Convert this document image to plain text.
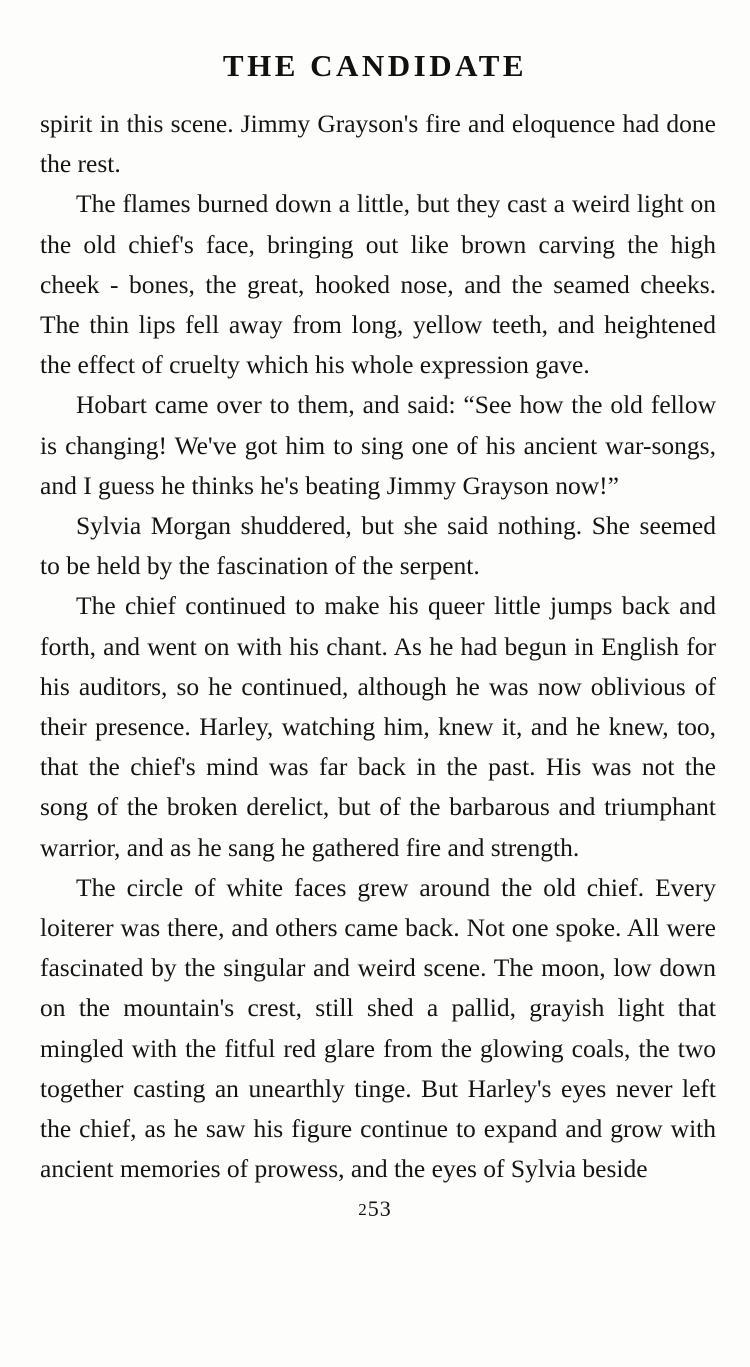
THE CANDIDATE

spirit in this scene. Jimmy Grayson's fire and eloquence had done the rest.

The flames burned down a little, but they cast a weird light on the old chief's face, bringing out like brown carving the high cheek - bones, the great, hooked nose, and the seamed cheeks. The thin lips fell away from long, yellow teeth, and heightened the effect of cruelty which his whole expression gave.

Hobart came over to them, and said: “See how the old fellow is changing! We've got him to sing one of his ancient war-songs, and I guess he thinks he's beating Jimmy Grayson now!”

Sylvia Morgan shuddered, but she said nothing. She seemed to be held by the fascination of the serpent.

The chief continued to make his queer little jumps back and forth, and went on with his chant. As he had begun in English for his auditors, so he continued, although he was now oblivious of their presence. Harley, watching him, knew it, and he knew, too, that the chief's mind was far back in the past. His was not the song of the broken derelict, but of the barbarous and triumphant warrior, and as he sang he gathered fire and strength.

The circle of white faces grew around the old chief. Every loiterer was there, and others came back. Not one spoke. All were fascinated by the singular and weird scene. The moon, low down on the mountain's crest, still shed a pallid, grayish light that mingled with the fitful red glare from the glowing coals, the two together casting an unearthly tinge. But Harley's eyes never left the chief, as he saw his figure continue to expand and grow with ancient memories of prowess, and the eyes of Sylvia beside

253
